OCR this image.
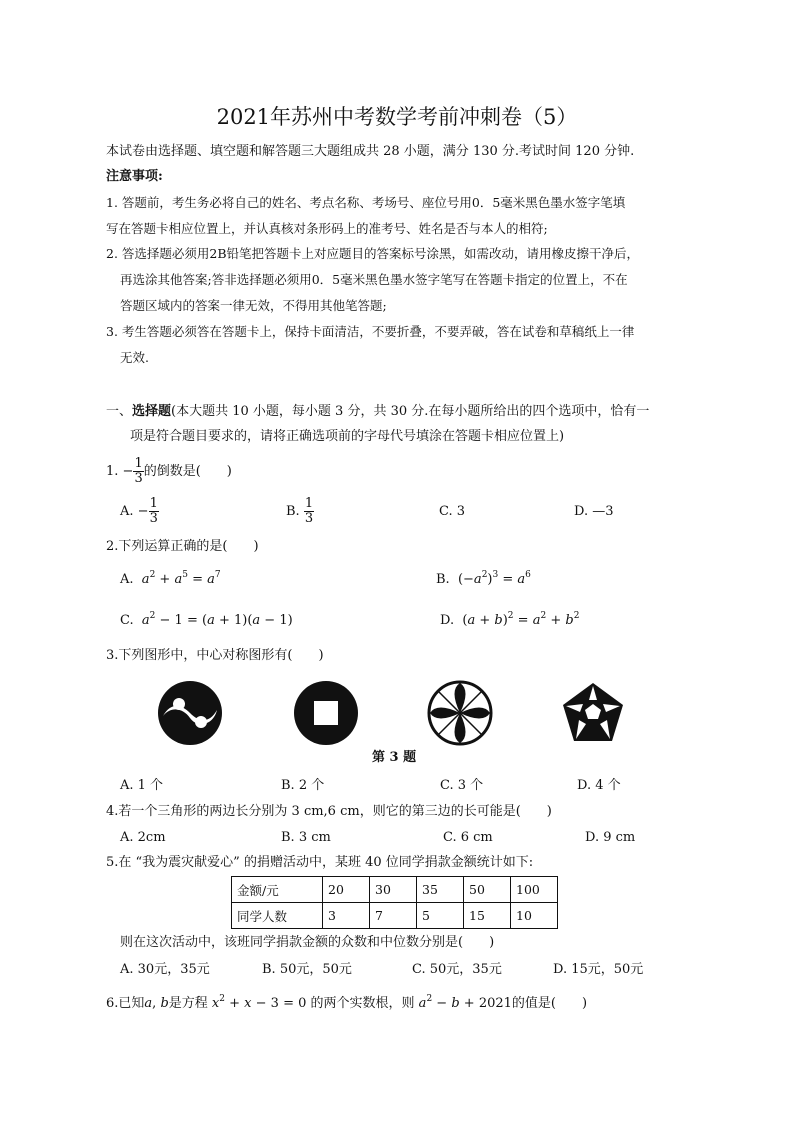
2021年苏州中考数学考前冲刺卷（5）
本试卷由选择题、填空题和解答题三大题组成共 28 小题，满分 130 分.考试时间 120 分钟.
注意事项:
1. 答题前，考生务必将自己的姓名、考点名称、考场号、座位号用0．5毫米黑色墨水签字笔填
写在答题卡相应位置上，并认真核对条形码上的准考号、姓名是否与本人的相符;
2. 答选择题必须用2B铅笔把答题卡上对应题目的答案标号涂黑，如需改动，请用橡皮擦干净后，
再选涂其他答案;答非选择题必须用0．5毫米黑色墨水签字笔写在答题卡指定的位置上，不在
答题区域内的答案一律无效，不得用其他笔答题;
3. 考生答题必须答在答题卡上，保持卡面清洁，不要折叠，不要弄破，答在试卷和草稿纸上一律
无效.
一、选择题(本大题共 10 小题，每小题 3 分，共 30 分.在每小题所给出的四个选项中，恰有一
项是符合题目要求的，请将正确选项前的字母代号填涂在答题卡相应位置上)
1. − $\frac{1}{3}$ 的倒数是(　　)
A. − $\frac{1}{3}$	B. $\frac{1}{3}$	C. 3	D. —3
2.下列运算正确的是(　　)
A. $a^2 + a^5 = a^7$	B.  $(-a^2)^3 = a^6$
C. $a^2 - 1 = (a + 1)(a - 1)$	D.  $(a + b)^2 = a^2 + b^2$
3.下列图形中，中心对称图形有(　　)
第 3 题
A. 1 个	B. 2 个	C. 3 个	D. 4 个
4.若一个三角形的两边长分别为 3 cm,6 cm，则它的第三边的长可能是(　　)
A. 2cm	B. 3 cm	C. 6 cm	D. 9 cm
5.在 “我为震灾献爱心” 的捐赠活动中，某班 40 位同学捐款金额统计如下:
金额/元	20	30	35	50	100
同学人数	3	7	5	15	10
则在这次活动中，该班同学捐款金额的众数和中位数分别是(　　)
A. 30元，35元	B. 50元，50元	C. 50元，35元	D. 15元，50元
6.已知a, b是方程 $x^2 + x - 3 = 0$ 的两个实数根，则 $a^2 - b + 2021$的值是(　　)
